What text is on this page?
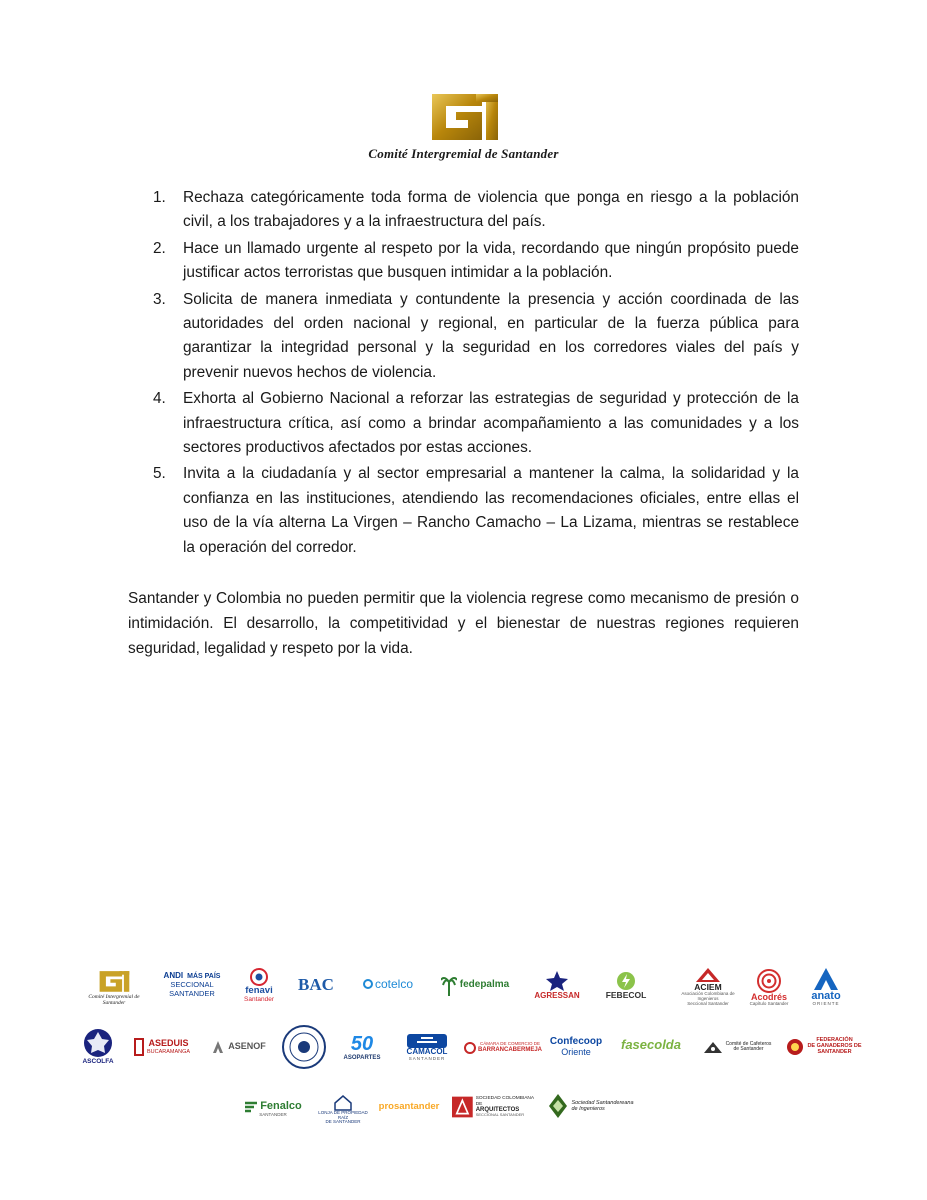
Comité Intergremial de Santander
1. Rechaza categóricamente toda forma de violencia que ponga en riesgo a la población civil, a los trabajadores y a la infraestructura del país.
2. Hace un llamado urgente al respeto por la vida, recordando que ningún propósito puede justificar actos terroristas que busquen intimidar a la población.
3. Solicita de manera inmediata y contundente la presencia y acción coordinada de las autoridades del orden nacional y regional, en particular de la fuerza pública para garantizar la integridad personal y la seguridad en los corredores viales del país y prevenir nuevos hechos de violencia.
4. Exhorta al Gobierno Nacional a reforzar las estrategias de seguridad y protección de la infraestructura crítica, así como a brindar acompañamiento a las comunidades y a los sectores productivos afectados por estas acciones.
5. Invita a la ciudadanía y al sector empresarial a mantener la calma, la solidaridad y la confianza en las instituciones, atendiendo las recomendaciones oficiales, entre ellas el uso de la vía alterna La Virgen – Rancho Camacho – La Lizama, mientras se restablece la operación del corredor.

Santander y Colombia no pueden permitir que la violencia regrese como mecanismo de presión o intimidación. El desarrollo, la competitividad y el bienestar de nuestras regiones requieren seguridad, legalidad y respeto por la vida.

Comité Intergremial de Santander
ANDI MÁS PAÍS
SECCIONAL SANTANDER	fenavi
Santander
BAC	cotelco	fedepalma
AGRESSAN	FEBECOL
ACIEM
Asociación Colombiana de Ingenieros
Seccional Santander
Acodrés
Capítulo Santander
anato
ORIENTE
ASCOLFA
ASEDUIS
BUCARAMANGA
ASENOF	50
ASOPARTES
CAMACOL
SANTANDER
CÁMARA DE COMERCIO DE
BARRANCABERMEJA
Confecoop
Oriente
fasecolda	Comité de Cafeteros
de Santander
FEDERACIÓN
DE GANADEROS DE
SANTANDER
Fenalco
SANTANDER	LONJA DE PROPIEDAD RAÍZ
DE SANTANDER
prosantander
SOCIEDAD COLOMBIANA DE
ARQUITECTOS
SECCIONAL SANTANDER
Sociedad Santandereana
de Ingenieros
